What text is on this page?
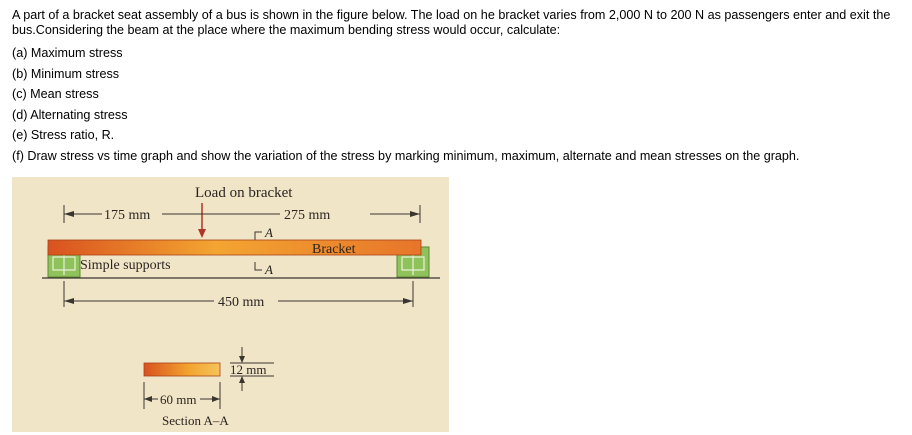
A part of a bracket seat assembly of a bus is shown in the figure below. The load on he bracket varies from 2,000 N to 200 N as passengers enter and exit the bus.Considering the beam at the place where the maximum bending stress would occur, calculate:
(a) Maximum stress
(b) Minimum stress
(c) Mean stress
(d) Alternating stress
(e) Stress ratio, R.
(f) Draw stress vs time graph and show the variation of the stress by marking minimum, maximum, alternate and mean stresses on the graph.
Load on bracket
175 mm	275 mm
A
A
Bracket
Simple supports
450 mm
12 mm
60 mm
Section A–A
